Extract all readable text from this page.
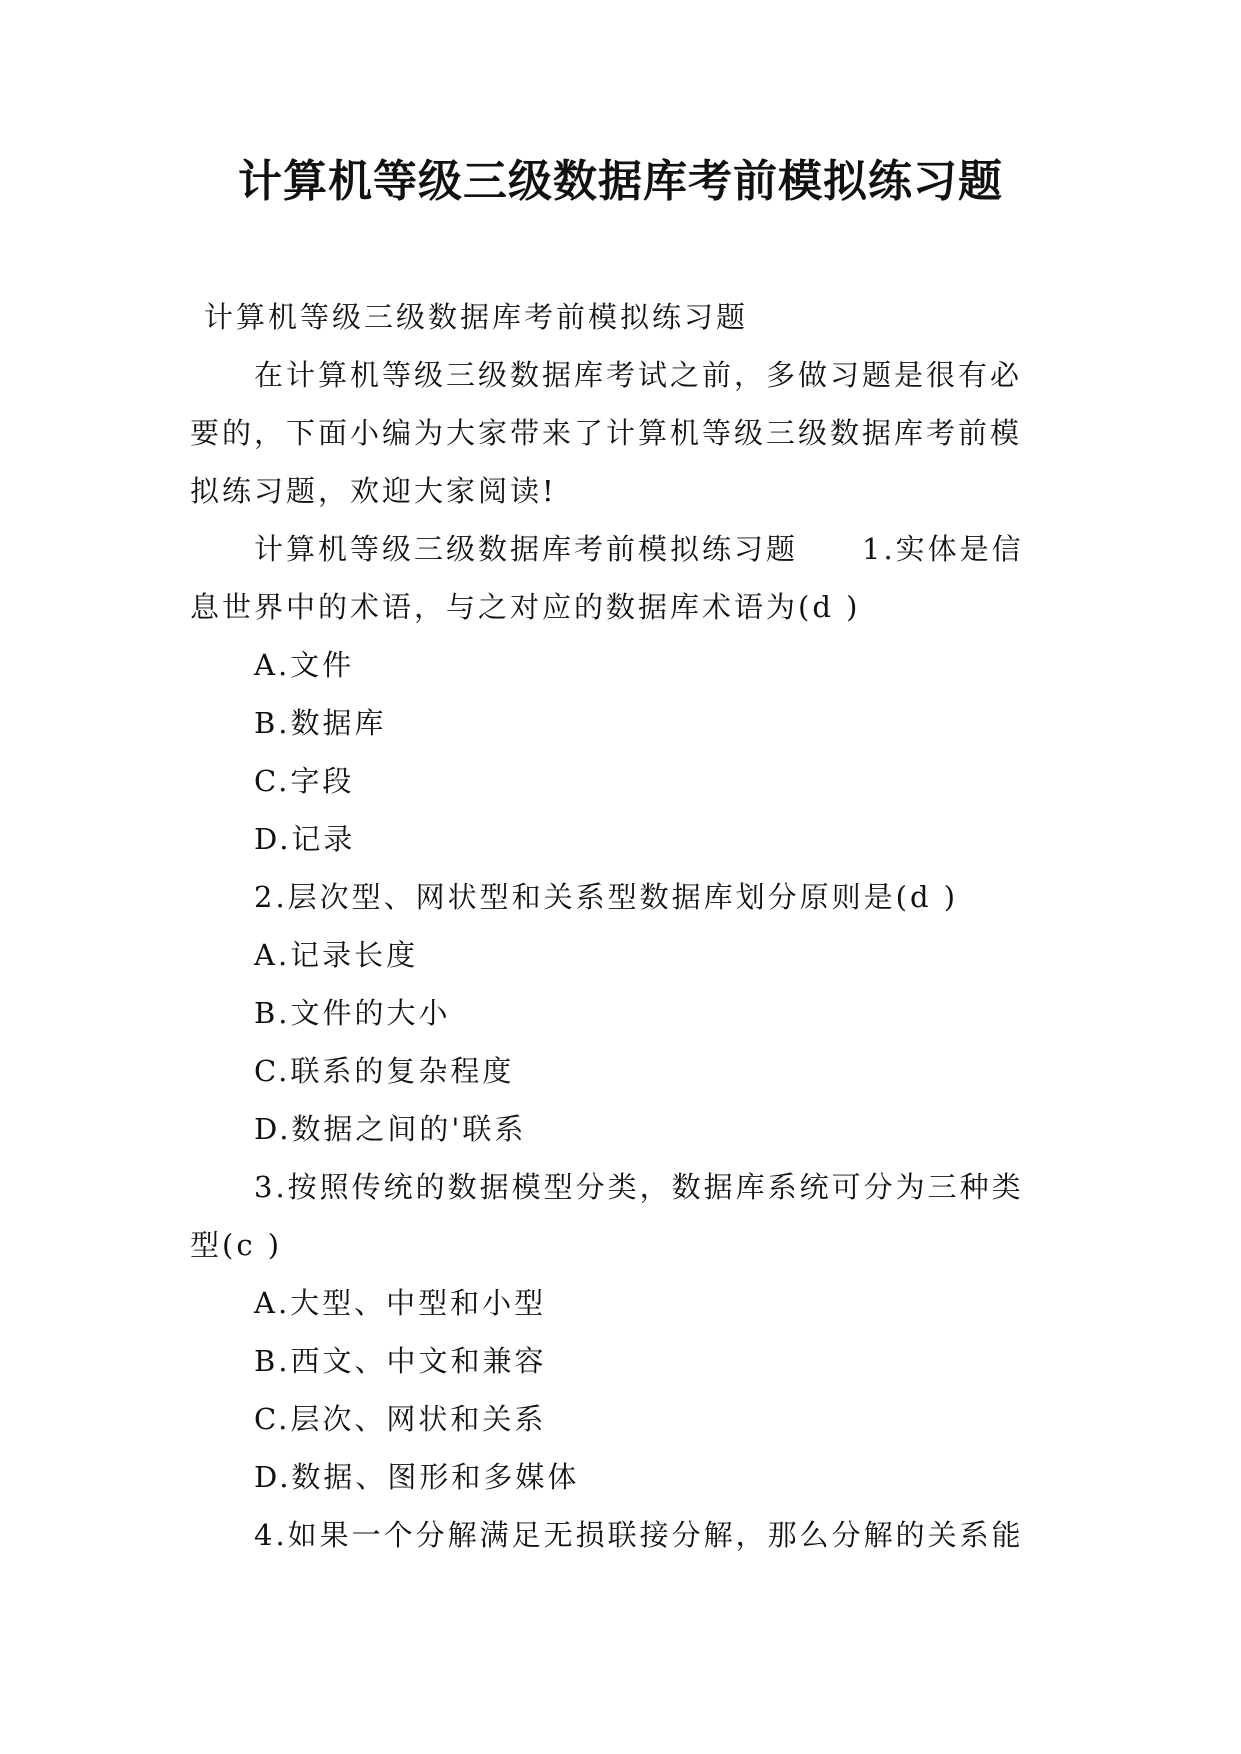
计算机等级三级数据库考前模拟练习题

计算机等级三级数据库考前模拟练习题

在计算机等级三级数据库考试之前，多做习题是很有必要的，下面小编为大家带来了计算机等级三级数据库考前模拟练习题，欢迎大家阅读!

计算机等级三级数据库考前模拟练习题　　1.实体是信息世界中的术语，与之对应的数据库术语为(d )

A.文件

B.数据库

C.字段

D.记录

2.层次型、网状型和关系型数据库划分原则是(d )

A.记录长度

B.文件的大小

C.联系的复杂程度

D.数据之间的'联系

3.按照传统的数据模型分类，数据库系统可分为三种类型(c )

A.大型、中型和小型

B.西文、中文和兼容

C.层次、网状和关系

D.数据、图形和多媒体

4.如果一个分解满足无损联接分解，那么分解的关系能
